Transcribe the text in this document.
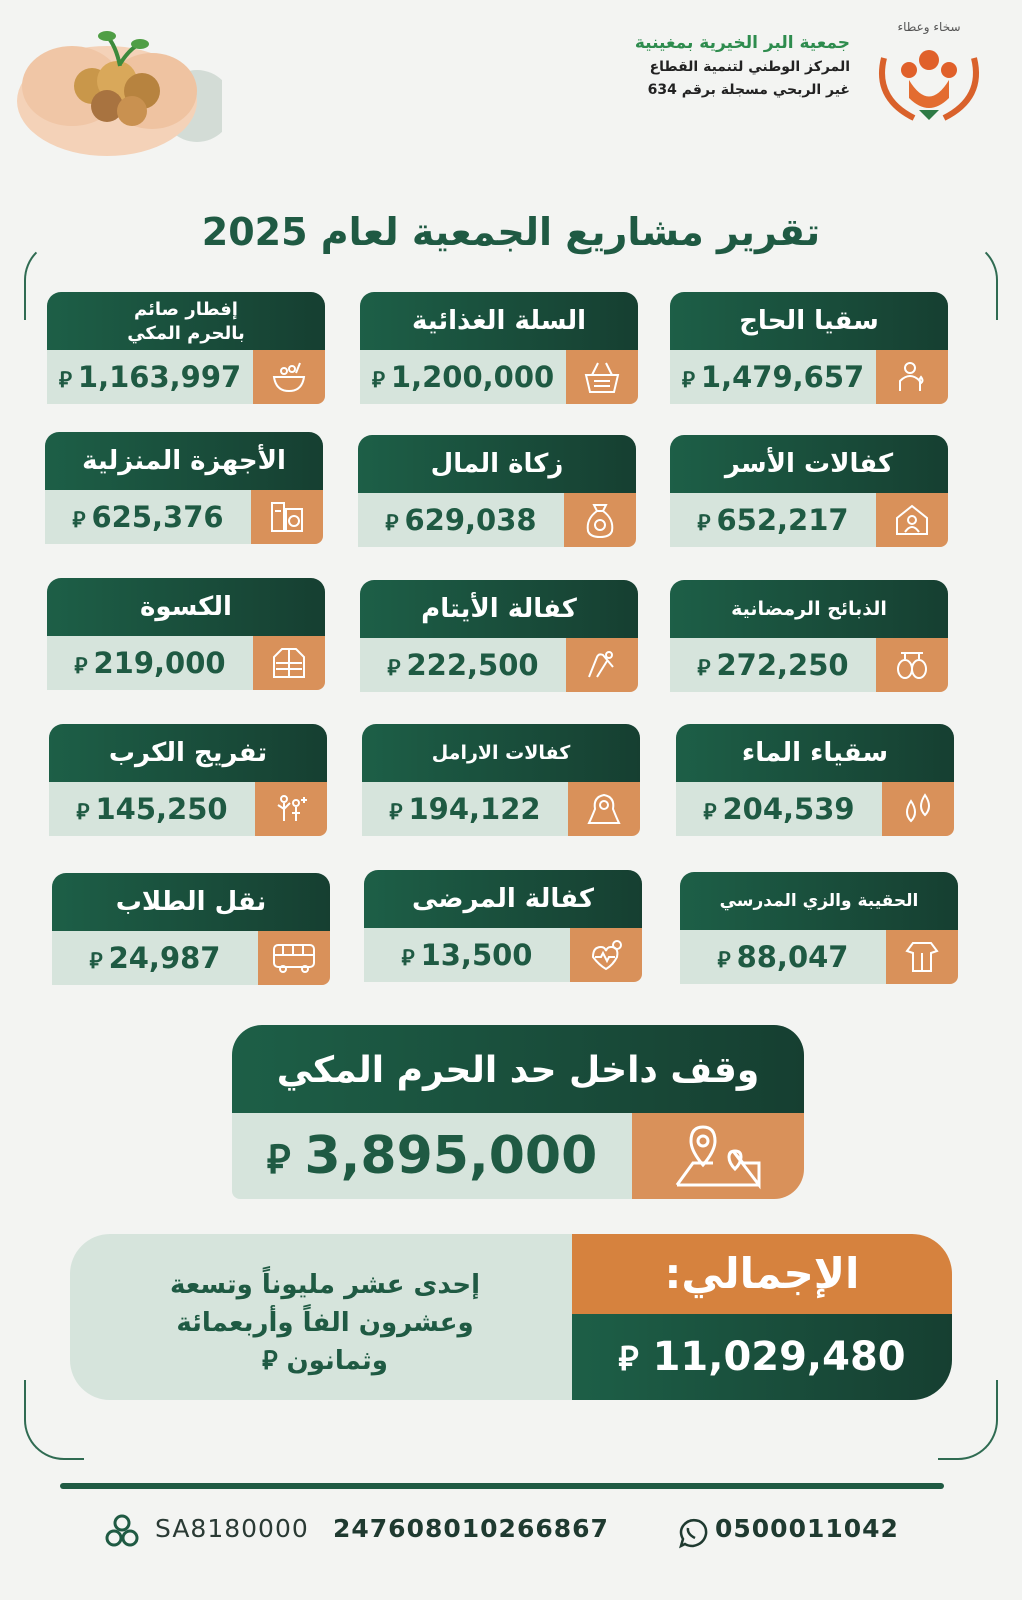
جمعية البر الخيرية بمغينية
المركز الوطني لتنمية القطاع
غير الربحي مسجلة برقم 634
سخاء وعطاء
تقرير مشاريع الجمعية لعام 2025
سقيا الحاج
⃁ 1,479,657
السلة الغذائية
⃁ 1,200,000
إفطار صائم
بالحرم المكي
⃁ 1,163,997
كفالات الأسر
⃁ 652,217
زكاة المال
⃁ 629,038
الأجهزة المنزلية
⃁ 625,376
الذبائح الرمضانية
⃁ 272,250
كفالة الأيتام
⃁ 222,500
الكسوة
⃁ 219,000
سقياء الماء
⃁ 204,539
كفالات الارامل
⃁ 194,122
تفريج الكرب
⃁ 145,250
الحقيبة والزي المدرسي
⃁ 88,047
كفالة المرضى
⃁ 13,500
نقل الطلاب
⃁ 24,987
وقف داخل حد الحرم المكي
⃁ 3,895,000
إحدى عشر مليوناً وتسعة
وعشرون الفاً وأربعمائة
وثمانون ⃁
الإجمالي:
⃁ 11,029,480
SA8180000 247608010266867	0500011042
